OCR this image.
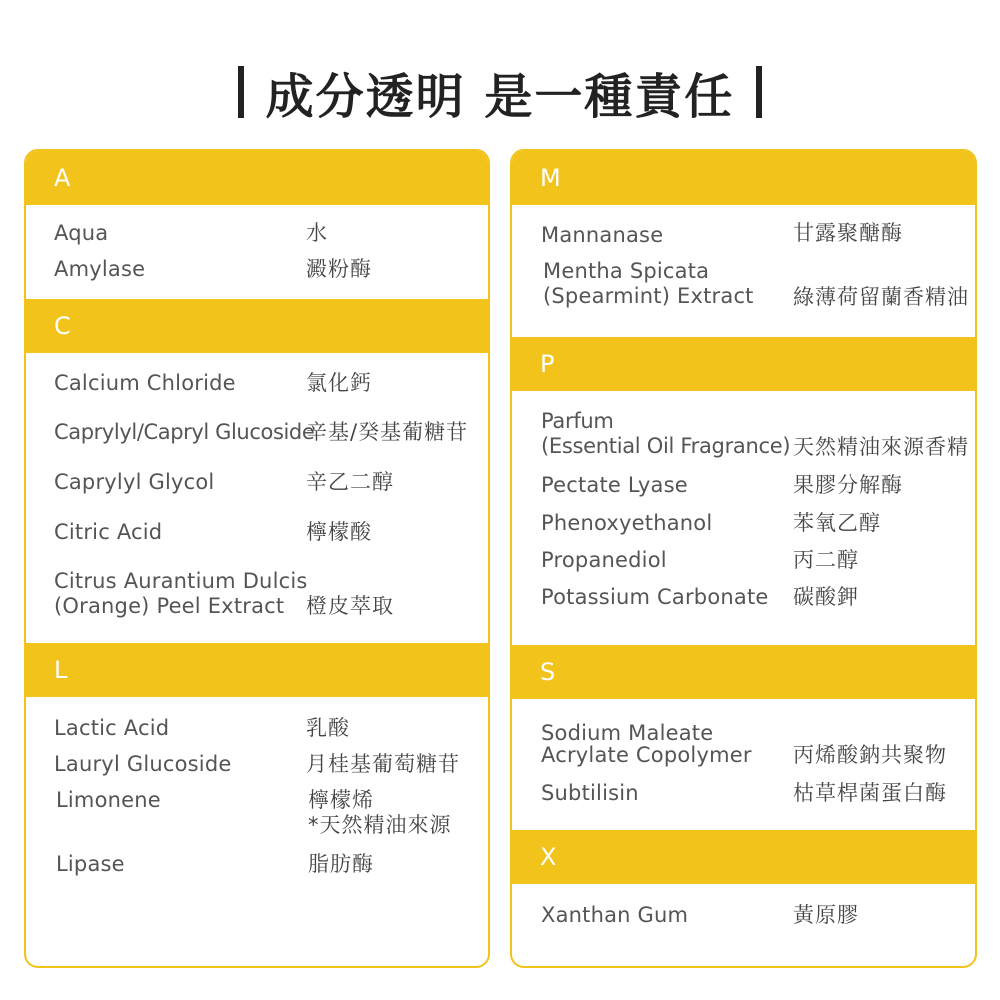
成分透明 是一種責任
A
Aqua	水
Amylase	澱粉酶
C
Calcium Chloride	氯化鈣
Caprylyl/Capryl Glucoside
辛基/癸基葡糖苷
Caprylyl Glycol	辛乙二醇
Citric Acid	檸檬酸
Citrus Aurantium Dulcis
(Orange) Peel Extract	橙皮萃取
L
Lactic Acid	乳酸
Lauryl Glucoside	月桂基葡萄糖苷
Limonene	檸檬烯
*天然精油來源
Lipase	脂肪酶
M
Mannanase	甘露聚醣酶
Mentha Spicata
(Spearmint) Extract 綠薄荷留蘭香精油
P
Parfum
(Essential Oil Fragrance) 天然精油來源香精
Pectate Lyase	果膠分解酶
Phenoxyethanol	苯氧乙醇
Propanediol	丙二醇
Potassium Carbonate 碳酸鉀
S
Sodium Maleate
Acrylate Copolymer 丙烯酸鈉共聚物
Subtilisin	枯草桿菌蛋白酶
X
Xanthan Gum	黃原膠
